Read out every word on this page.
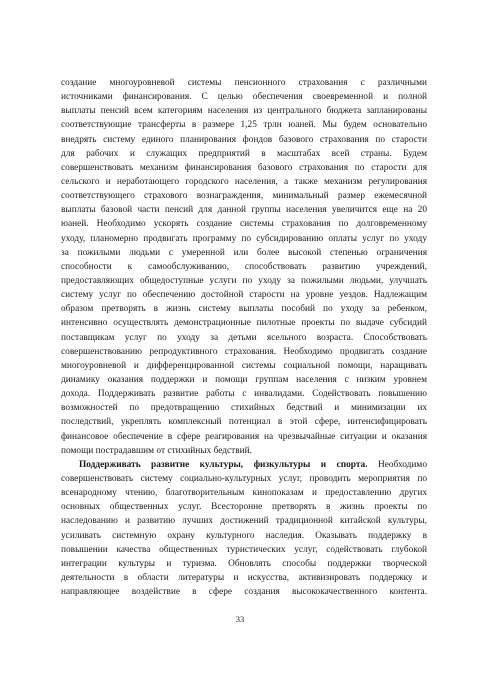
создание многоуровневой системы пенсионного страхования с различными
источниками финансирования. С целью обеспечения своевременной и полной
выплаты пенсий всем категориям населения из центрального бюджета запланированы
соответствующие трансферты в размере 1,25 трлн юаней. Мы будем основательно
внедрять систему единого планирования фондов базового страхования по старости
для рабочих и служащих предприятий в масштабах всей страны. Будем
совершенствовать механизм финансирования базового страхования по старости для
сельского и неработающего городского населения, а также механизм регулирования
соответствующего страхового вознаграждения, минимальный размер ежемесячной
выплаты базовой части пенсий для данной группы населения увеличится еще на 20
юаней. Необходимо ускорять создание системы страхования по долговременному
уходу, планомерно продвигать программу по субсидированию оплаты услуг по уходу
за пожилыми людьми с умеренной или более высокой степенью ограничения
способности к самообслуживанию, способствовать развитию учреждений,
предоставляющих общедоступные услуги по уходу за пожилыми людьми, улучшать
систему услуг по обеспечению достойной старости на уровне уездов. Надлежащим
образом претворять в жизнь систему выплаты пособий по уходу за ребенком,
интенсивно осуществлять демонстрационные пилотные проекты по выдаче субсидий
поставщикам услуг по уходу за детьми ясельного возраста. Способствовать
совершенствованию репродуктивного страхования. Необходимо продвигать создание
многоуровневой и дифференцированной системы социальной помощи, наращивать
динамику оказания поддержки и помощи группам населения с низким уровнем
дохода. Поддерживать развитие работы с инвалидами. Содействовать повышению
возможностей по предотвращению стихийных бедствий и минимизации их
последствий, укреплять комплексный потенциал в этой сфере, интенсифицировать
финансовое обеспечение в сфере реагирования на чрезвычайные ситуации и оказания
помощи пострадавшим от стихийных бедствий.
Поддерживать развитие культуры, физкультуры и спорта. Необходимо
совершенствовать систему социально-культурных услуг, проводить мероприятия по
всенародному чтению, благотворительным кинопоказам и предоставлению других
основных общественных услуг. Всесторонне претворять в жизнь проекты по
наследованию и развитию лучших достижений традиционной китайской культуры,
усиливать системную охрану культурного наследия. Оказывать поддержку в
повышении качества общественных туристических услуг, содействовать глубокой
интеграции культуры и туризма. Обновлять способы поддержки творческой
деятельности в области литературы и искусства, активизировать поддержку и
направляющее воздействие в сфере создания высококачественного контента.
33
